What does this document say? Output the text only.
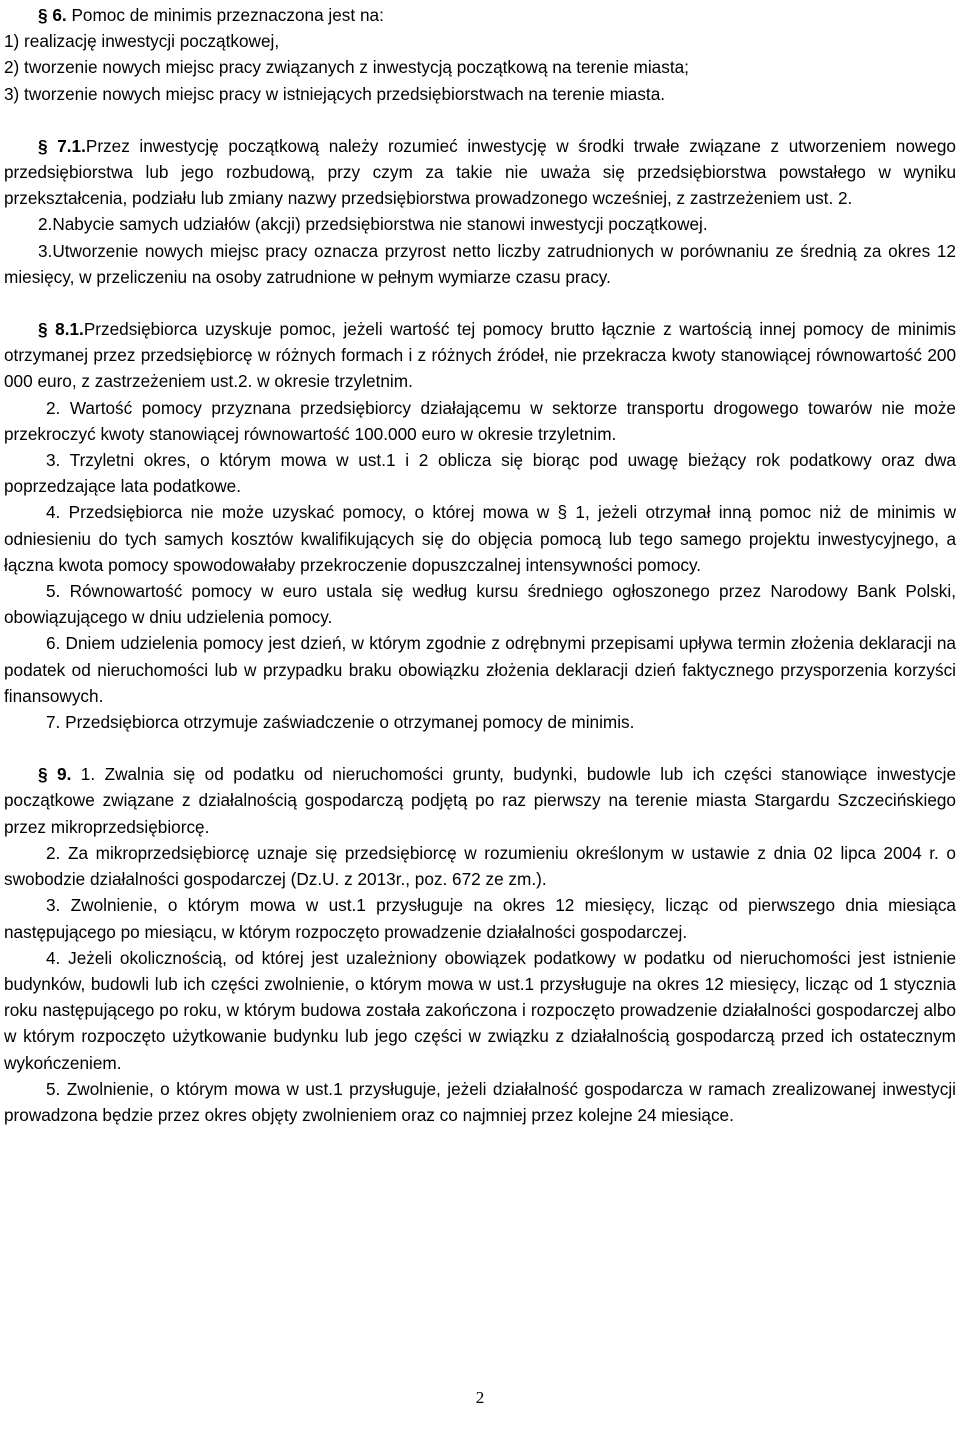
§ 6. Pomoc de minimis przeznaczona jest na:

1) realizację inwestycji początkowej,

2) tworzenie nowych miejsc pracy związanych z inwestycją początkową na terenie miasta;

3) tworzenie nowych miejsc pracy w istniejących przedsiębiorstwach na terenie miasta.

§ 7.1.Przez inwestycję początkową należy rozumieć inwestycję w środki trwałe związane z utworzeniem nowego przedsiębiorstwa lub jego rozbudową, przy czym za takie nie uważa się przedsiębiorstwa powstałego w wyniku przekształcenia, podziału lub zmiany nazwy przedsiębiorstwa prowadzonego wcześniej, z zastrzeżeniem ust. 2.

2.Nabycie samych udziałów (akcji) przedsiębiorstwa nie stanowi inwestycji początkowej.

3.Utworzenie nowych miejsc pracy oznacza przyrost netto liczby zatrudnionych w porównaniu ze średnią za okres 12 miesięcy, w przeliczeniu na osoby zatrudnione w pełnym wymiarze czasu pracy.

§ 8.1.Przedsiębiorca uzyskuje pomoc, jeżeli wartość tej pomocy brutto łącznie z wartością innej pomocy de minimis otrzymanej przez przedsiębiorcę w różnych formach i z różnych źródeł, nie przekracza kwoty stanowiącej równowartość 200 000 euro, z zastrzeżeniem ust.2. w okresie trzyletnim.

2. Wartość pomocy przyznana przedsiębiorcy działającemu w sektorze transportu drogowego towarów nie może przekroczyć kwoty stanowiącej równowartość 100.000 euro w okresie trzyletnim.

3. Trzyletni okres, o którym mowa w ust.1 i 2 oblicza się biorąc pod uwagę bieżący rok podatkowy oraz dwa poprzedzające lata podatkowe.

4. Przedsiębiorca nie może uzyskać pomocy, o której mowa w § 1, jeżeli otrzymał inną pomoc niż de minimis w odniesieniu do tych samych kosztów kwalifikujących się do objęcia pomocą lub tego samego projektu inwestycyjnego, a łączna kwota pomocy spowodowałaby przekroczenie dopuszczalnej intensywności pomocy.

5. Równowartość pomocy w euro ustala się według kursu średniego ogłoszonego przez Narodowy Bank Polski, obowiązującego w dniu udzielenia pomocy.

6. Dniem udzielenia pomocy jest dzień, w którym zgodnie z odrębnymi przepisami upływa termin złożenia deklaracji na podatek od nieruchomości lub w przypadku braku obowiązku złożenia deklaracji dzień faktycznego przysporzenia korzyści finansowych.

7. Przedsiębiorca otrzymuje zaświadczenie o otrzymanej pomocy de minimis.

§ 9. 1. Zwalnia się od podatku od nieruchomości grunty, budynki, budowle lub ich części stanowiące inwestycje początkowe związane z działalnością gospodarczą podjętą po raz pierwszy na terenie miasta Stargardu Szczecińskiego przez mikroprzedsiębiorcę.

2. Za mikroprzedsiębiorcę uznaje się przedsiębiorcę w rozumieniu określonym w ustawie z dnia 02 lipca 2004 r. o swobodzie działalności gospodarczej (Dz.U. z 2013r., poz. 672 ze zm.).

3. Zwolnienie, o którym mowa w ust.1 przysługuje na okres 12 miesięcy, licząc od pierwszego dnia miesiąca następującego po miesiącu, w którym rozpoczęto prowadzenie działalności gospodarczej.

4. Jeżeli okolicznością, od której jest uzależniony obowiązek podatkowy w podatku od nieruchomości jest istnienie budynków, budowli lub ich części zwolnienie, o którym mowa w ust.1 przysługuje na okres 12 miesięcy, licząc od 1 stycznia roku następującego po roku, w którym budowa została zakończona i rozpoczęto prowadzenie działalności gospodarczej albo w którym rozpoczęto użytkowanie budynku lub jego części w związku z działalnością gospodarczą przed ich ostatecznym wykończeniem.

5. Zwolnienie, o którym mowa w ust.1 przysługuje, jeżeli działalność gospodarcza w ramach zrealizowanej inwestycji prowadzona będzie przez okres objęty zwolnieniem oraz co najmniej przez kolejne 24 miesiące.

2
